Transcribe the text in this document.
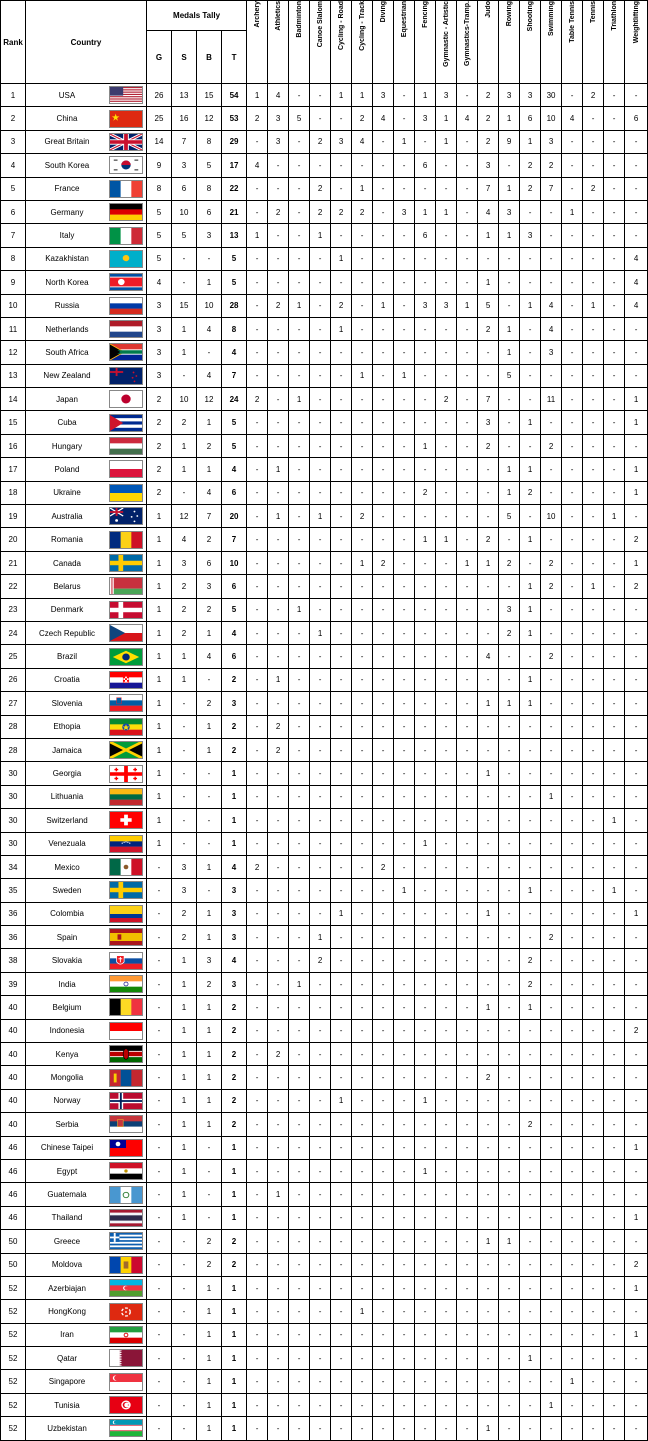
Rank	Country	Medals Tally				Archery	Athletics	Badminton	Canoe Slalom	Cycling - Road	Cycling - Track	Diving	Equestrian	Fencing	Gymnastic - Artistic	Gymnastics-Tramp.	Judo	Rowing	Shooting	Swimming	Table Tennis	Tennis	Triathlon	Weightlifting

		G	S	B	T																			
1	USA	26	13	15	54	1	4	-	-	1	1	3	-	1	3	-	2	3	3	30	-	2	-	-
2	China	25	16	12	53	2	3	5	-	-	2	4	-	3	1	4	2	1	6	10	4	-	-	6
3	Great Britain	14	7	8	29	-	3	-	2	3	4	-	1	-	1	-	2	9	1	3	-	-	-	-
4	South Korea	9	3	5	17	4	-	-	-	-	-	-	-	6	-	-	3	-	2	2	-	-	-	-
5	France	8	6	8	22	-	-	-	2	-	1	-	-	-	-	-	7	1	2	7	-	2	-	-
6	Germany	5	10	6	21	-	2	-	2	2	2	-	3	1	1	-	4	3	-	-	1	-	-	-
7	Italy	5	5	3	13	1	-	-	1	-	-	-	-	6	-	-	1	1	3	-	-	-	-	-
8	Kazakhistan	5	-	-	5	-	-	-	-	1	-	-	-	-	-	-	-	-	-	-	-	-	-	4
9	North Korea	4	-	1	5	-	-	-	-	-	-	-	-	-	-	-	1	-	-	-	-	-	-	4
10	Russia	3	15	10	28	-	2	1	-	2	-	1	-	3	3	1	5	-	1	4	-	1	-	4
11	Netherlands	3	1	4	8	-	-	-	-	1	-	-	-	-	-	-	2	1	-	4	-	-	-	-
12	South Africa	3	1	-	4	-	-	-	-	-	-	-	-	-	-	-	-	1	-	3	-	-	-	-
13	New Zealand	3	-	4	7	-	-	-	-	-	1	-	1	-	-	-	-	5	-	-	-	-	-	-
14	Japan	2	10	12	24	2	-	1	-	-	-	-	-	-	2	-	7	-	-	11	-	-	-	1
15	Cuba	2	2	1	5	-	-	-	-	-	-	-	-	-	-	-	3	-	1	-	-	-	-	1
16	Hungary	2	1	2	5	-	-	-	-	-	-	-	-	1	-	-	2	-	-	2	-	-	-	-
17	Poland	2	1	1	4	-	1	-	-	-	-	-	-	-	-	-	-	1	1	-	-	-	-	1
18	Ukraine	2	-	4	6	-	-	-	-	-	-	-	-	2	-	-	-	1	2	-	-	-	-	1
19	Australia	1	12	7	20	-	1	-	1	-	2	-	-	-	-	-	-	5	-	10	-	-	1	-
20	Romania	1	4	2	7	-	-	-	-	-	-	-	-	1	1	-	2	-	1	-	-	-	-	2
21	Canada	1	3	6	10	-	-	-	-	-	1	2	-	-	-	1	1	2	-	2	-	-	-	1
22	Belarus	1	2	3	6	-	-	-	-	-	-	-	-	-	-	-	-	-	1	2	-	1	-	2
23	Denmark	1	2	2	5	-	-	1	-	-	-	-	-	-	-	-	-	3	1	-	-	-	-	-
24	Czech Republic	1	2	1	4	-	-	-	1	-	-	-	-	-	-	-	-	2	1	-	-	-	-	-
25	Brazil	1	1	4	6	-	-	-	-	-	-	-	-	-	-	-	4	-	-	2	-	-	-	-
26	Croatia	1	1	-	2	-	1	-	-	-	-	-	-	-	-	-	-	-	1	-	-	-	-	-
27	Slovenia	1	-	2	3	-	-	-	-	-	-	-	-	-	-	-	1	1	1	-	-	-	-	-
28	Ethopia	1	-	1	2	-	2	-	-	-	-	-	-	-	-	-	-	-	-	-	-	-	-	-
28	Jamaica	1	-	1	2	-	2	-	-	-	-	-	-	-	-	-	-	-	-	-	-	-	-	-
30	Georgia	1	-	-	1	-	-	-	-	-	-	-	-	-	-	-	1	-	-	-	-	-	-	-
30	Lithuania	1	-	-	1	-	-	-	-	-	-	-	-	-	-	-	-	-	-	1	-	-	-	-
30	Switzerland	1	-	-	1	-	-	-	-	-	-	-	-	-	-	-	-	-	-	-	-	-	1	-
30	Venezuala	1	-	-	1	-	-	-	-	-	-	-	-	1	-	-	-	-	-	-	-	-	-	-
34	Mexico	-	3	1	4	2	-	-	-	-	-	2	-	-	-	-	-	-	-	-	-	-	-	-
35	Sweden	-	3	-	3	-	-	-	-	-	-	-	1	-	-	-	-	-	1	-	-	-	1	-
36	Colombia	-	2	1	3	-	-	-	-	1	-	-	-	-	-	-	1	-	-	-	-	-	-	1
36	Spain	-	2	1	3	-	-	-	1	-	-	-	-	-	-	-	-	-	-	2	-	-	-	-
38	Slovakia	-	1	3	4	-	-	-	2	-	-	-	-	-	-	-	-	-	2	-	-	-	-	-
39	India	-	1	2	3	-	-	1	-	-	-	-	-	-	-	-	-	-	2	-	-	-	-	-
40	Belgium	-	1	1	2	-	-	-	-	-	-	-	-	-	-	-	1	-	1	-	-	-	-	-
40	Indonesia	-	1	1	2	-	-	-	-	-	-	-	-	-	-	-	-	-	-	-	-	-	-	2
40	Kenya	-	1	1	2	-	2	-	-	-	-	-	-	-	-	-	-	-	-	-	-	-	-	-
40	Mongolia	-	1	1	2	-	-	-	-	-	-	-	-	-	-	-	2	-	-	-	-	-	-	-
40	Norway	-	1	1	2	-	-	-	-	1	-	-	-	1	-	-	-	-	-	-	-	-	-	-
40	Serbia	-	1	1	2	-	-	-	-	-	-	-	-	-	-	-	-	-	2	-	-	-	-	-
46	Chinese Taipei	-	1	-	1	-	-	-	-	-	-	-	-	-	-	-	-	-	-	-	-	-	-	1
46	Egypt	-	1	-	1	-	-	-	-	-	-	-	-	1	-	-	-	-	-	-	-	-	-	-
46	Guatemala	-	1	-	1	-	1	-	-	-	-	-	-	-	-	-	-	-	-	-	-	-	-	-
46	Thailand	-	1	-	1	-	-	-	-	-	-	-	-	-	-	-	-	-	-	-	-	-	-	1
50	Greece	-	-	2	2	-	-	-	-	-	-	-	-	-	-	-	1	1	-	-	-	-	-	-
50	Moldova	-	-	2	2	-	-	-	-	-	-	-	-	-	-	-	-	-	-	-	-	-	-	2
52	Azerbiajan	-	-	1	1	-	-	-	-	-	-	-	-	-	-	-	-	-	-	-	-	-	-	1
52	HongKong	-	-	1	1	-	-	-	-	-	1	-	-	-	-	-	-	-	-	-	-	-	-	-
52	Iran	-	-	1	1	-	-	-	-	-	-	-	-	-	-	-	-	-	-	-	-	-	-	1
52	Qatar	-	-	1	1	-	-	-	-	-	-	-	-	-	-	-	-	-	1	-	-	-	-	-
52	Singapore	-	-	1	1	-	-	-	-	-	-	-	-	-	-	-	-	-	-	-	1	-	-	-
52	Tunisia	-	-	1	1	-	-	-	-	-	-	-	-	-	-	-	-	-	-	1	-	-	-	-
52	Uzbekistan	-	-	1	1	-	-	-	-	-	-	-	-	-	-	-	1	-	-	-	-	-	-	-
